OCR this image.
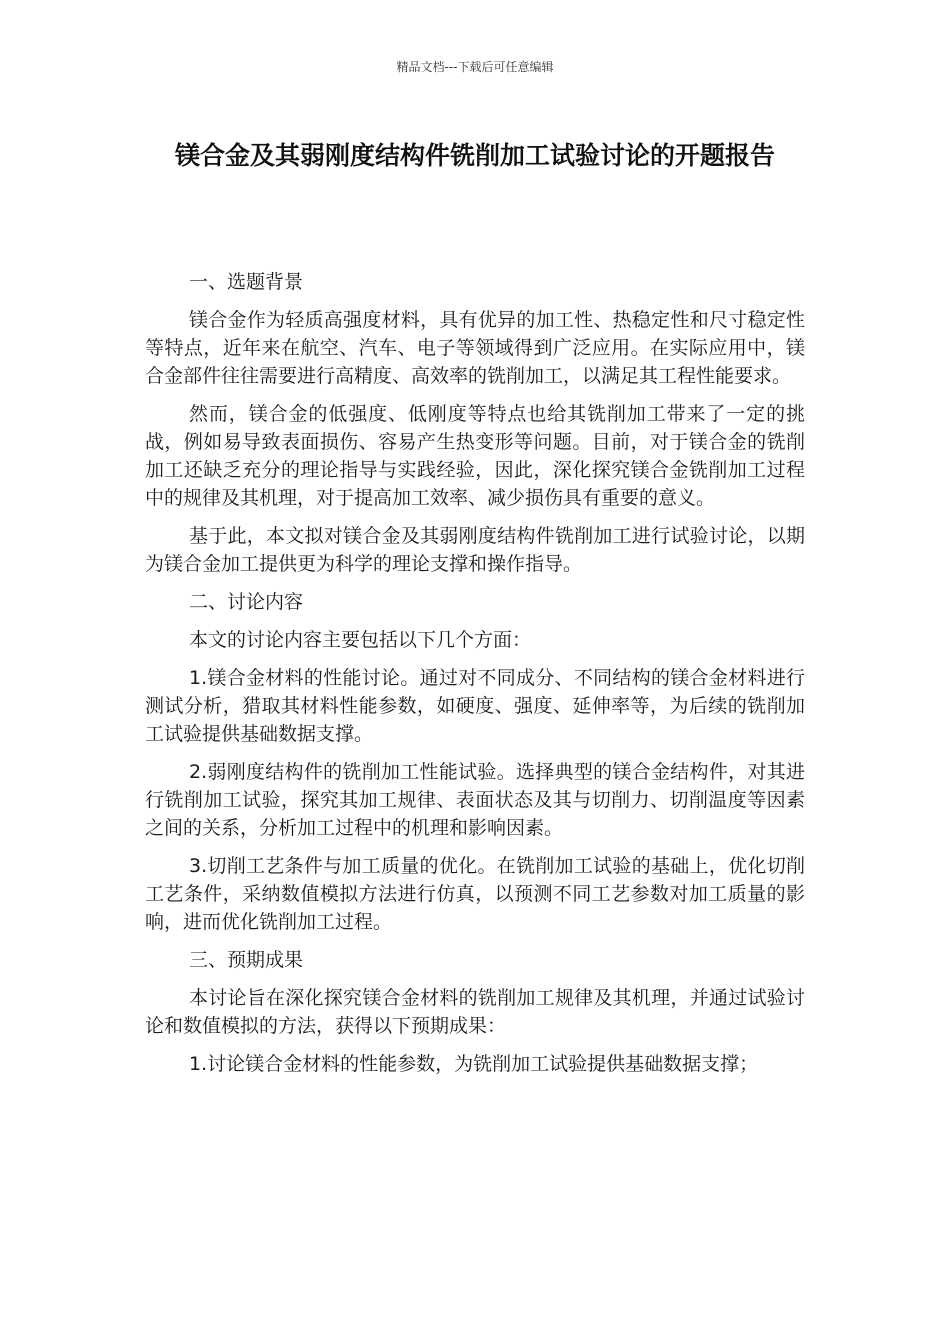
精品文档---下载后可任意编辑
镁合金及其弱刚度结构件铣削加工试验讨论的开题报告

一、选题背景

镁合金作为轻质高强度材料，具有优异的加工性、热稳定性和尺寸稳定性等特点，近年来在航空、汽车、电子等领域得到广泛应用。在实际应用中，镁合金部件往往需要进行高精度、高效率的铣削加工，以满足其工程性能要求。

然而，镁合金的低强度、低刚度等特点也给其铣削加工带来了一定的挑战，例如易导致表面损伤、容易产生热变形等问题。目前，对于镁合金的铣削加工还缺乏充分的理论指导与实践经验，因此，深化探究镁合金铣削加工过程中的规律及其机理，对于提高加工效率、减少损伤具有重要的意义。

基于此，本文拟对镁合金及其弱刚度结构件铣削加工进行试验讨论，以期为镁合金加工提供更为科学的理论支撑和操作指导。

二、讨论内容

本文的讨论内容主要包括以下几个方面：

1.镁合金材料的性能讨论。通过对不同成分、不同结构的镁合金材料进行测试分析，猎取其材料性能参数，如硬度、强度、延伸率等，为后续的铣削加工试验提供基础数据支撑。

2.弱刚度结构件的铣削加工性能试验。选择典型的镁合金结构件，对其进行铣削加工试验，探究其加工规律、表面状态及其与切削力、切削温度等因素之间的关系，分析加工过程中的机理和影响因素。

3.切削工艺条件与加工质量的优化。在铣削加工试验的基础上，优化切削工艺条件，采纳数值模拟方法进行仿真，以预测不同工艺参数对加工质量的影响，进而优化铣削加工过程。

三、预期成果

本讨论旨在深化探究镁合金材料的铣削加工规律及其机理，并通过试验讨论和数值模拟的方法，获得以下预期成果：

1.讨论镁合金材料的性能参数，为铣削加工试验提供基础数据支撑；
